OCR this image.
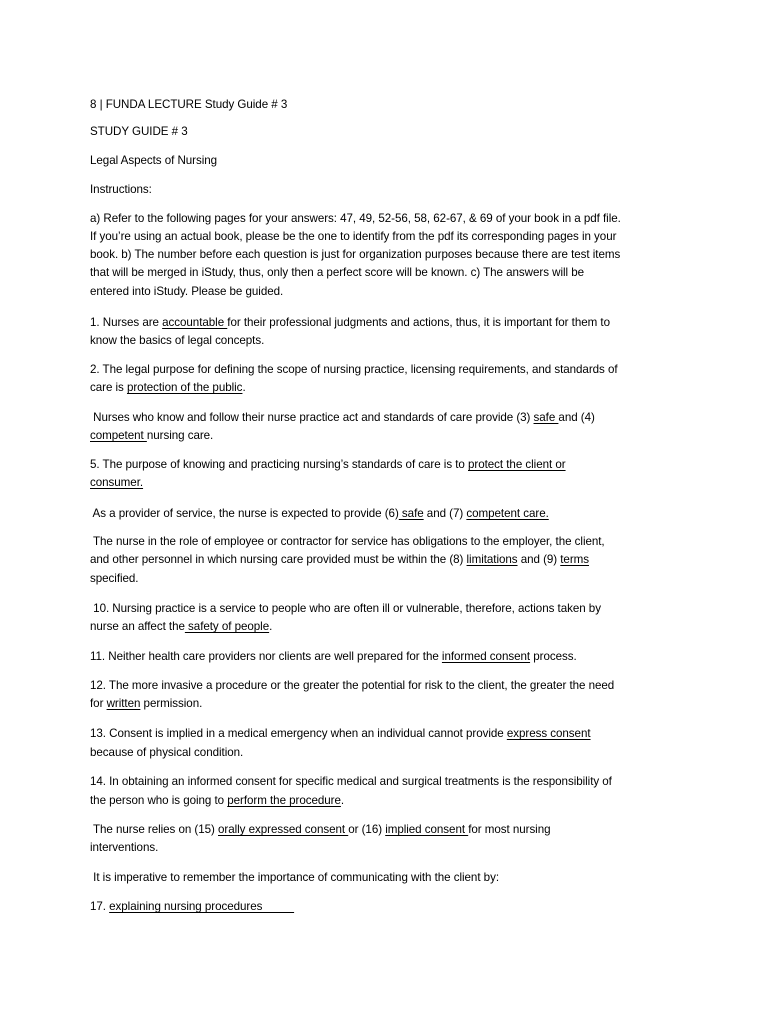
8 | FUNDA LECTURE Study Guide # 3
STUDY GUIDE # 3
Legal Aspects of Nursing
Instructions:
a) Refer to the following pages for your answers: 47, 49, 52-56, 58, 62-67, & 69 of your book in a pdf file.
If you’re using an actual book, please be the one to identify from the pdf its corresponding pages in your
book. b) The number before each question is just for organization purposes because there are test items
that will be merged in iStudy, thus, only then a perfect score will be known. c) The answers will be
entered into iStudy. Please be guided.
1. Nurses are accountable for their professional judgments and actions, thus, it is important for them to
know the basics of legal concepts.
2. The legal purpose for defining the scope of nursing practice, licensing requirements, and standards of
care is protection of the public.
Nurses who know and follow their nurse practice act and standards of care provide (3) safe and (4)
competent nursing care.
5. The purpose of knowing and practicing nursing’s standards of care is to protect the client or
consumer.
As a provider of service, the nurse is expected to provide (6) safe and (7) competent care.
The nurse in the role of employee or contractor for service has obligations to the employer, the client,
and other personnel in which nursing care provided must be within the (8) limitations and (9) terms
specified.
10. Nursing practice is a service to people who are often ill or vulnerable, therefore, actions taken by
nurse an affect the safety of people.
11. Neither health care providers nor clients are well prepared for the informed consent process.
12. The more invasive a procedure or the greater the potential for risk to the client, the greater the need
for written permission.
13. Consent is implied in a medical emergency when an individual cannot provide express consent
because of physical condition.
14. In obtaining an informed consent for specific medical and surgical treatments is the responsibility of
the person who is going to perform the procedure.
The nurse relies on (15) orally expressed consent or (16) implied consent for most nursing
interventions.
It is imperative to remember the importance of communicating with the client by:
17. explaining nursing procedures
